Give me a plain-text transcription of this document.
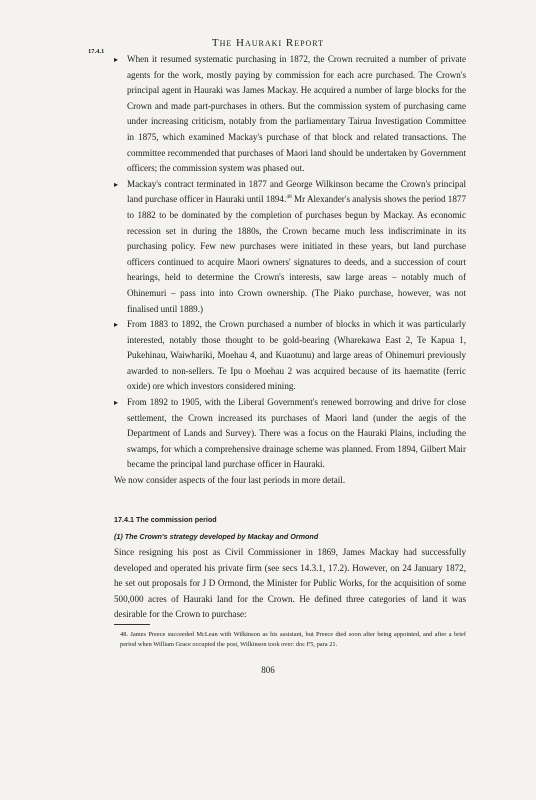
The Hauraki Report
17.4.1
▸ When it resumed systematic purchasing in 1872, the Crown recruited a number of private agents for the work, mostly paying by commission for each acre purchased. The Crown's principal agent in Hauraki was James Mackay. He acquired a number of large blocks for the Crown and made part-purchases in others. But the commission system of purchasing came under increasing criticism, notably from the parliamentary Tairua Investigation Committee in 1875, which examined Mackay's purchase of that block and related transactions. The committee recommended that purchases of Maori land should be undertaken by Government officers; the commission system was phased out.
▸ Mackay's contract terminated in 1877 and George Wilkinson became the Crown's principal land purchase officer in Hauraki until 1894.48 Mr Alexander's analysis shows the period 1877 to 1882 to be dominated by the completion of purchases begun by Mackay. As economic recession set in during the 1880s, the Crown became much less indiscriminate in its purchasing policy. Few new purchases were initiated in these years, but land purchase officers continued to acquire Maori owners' signatures to deeds, and a succession of court hearings, held to determine the Crown's interests, saw large areas – notably much of Ohinemuri – pass into into Crown ownership. (The Piako purchase, however, was not finalised until 1889.)
▸ From 1883 to 1892, the Crown purchased a number of blocks in which it was particularly interested, notably those thought to be gold-bearing (Wharekawa East 2, Te Kapua 1, Pukehinau, Waiwhariki, Moehau 4, and Kuaotunu) and large areas of Ohinemuri previously awarded to non-sellers. Te Ipu o Moehau 2 was acquired because of its haematite (ferric oxide) ore which investors considered mining.
▸ From 1892 to 1905, with the Liberal Government's renewed borrowing and drive for close settlement, the Crown increased its purchases of Maori land (under the aegis of the Department of Lands and Survey). There was a focus on the Hauraki Plains, including the swamps, for which a comprehensive drainage scheme was planned. From 1894, Gilbert Mair became the principal land purchase officer in Hauraki.

We now consider aspects of the four last periods in more detail.

17.4.1 The commission period
(1) The Crown's strategy developed by Mackay and Ormond

Since resigning his post as Civil Commissioner in 1869, James Mackay had successfully developed and operated his private firm (see secs 14.3.1, 17.2). However, on 24 January 1872, he set out proposals for J D Ormond, the Minister for Public Works, for the acquisition of some 500,000 acres of Hauraki land for the Crown. He defined three categories of land it was desirable for the Crown to purchase:

48. James Preece succeeded McLean with Wilkinson as his assistant, but Preece died soon after being appointed, and after a brief period when William Grace occupied the post, Wilkinson took over: doc F5, para 21.

806
